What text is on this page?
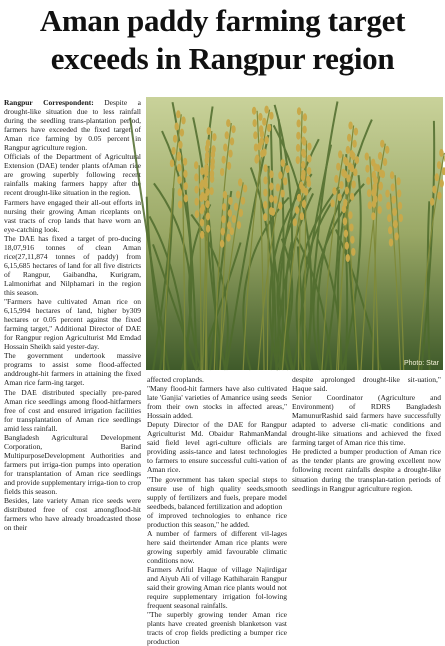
Aman paddy farming target exceeds in Rangpur region

Rangpur Correspondent: Despite a drought-like situation due to less rainfall during the seedling trans-plantation period, farmers have exceeded the fixed target of Aman rice farming by 0.05 percent in Rangpur agriculture region.

Officials of the Department of Agricultural Extension (DAE) tender plants ofAman rice are growing superbly following recent rainfalls making farmers happy after the recent drought-like situation in the region.

Farmers have engaged their all-out efforts in nursing their growing Aman riceplants on vast tracts of crop lands that have worn an eye-catching look.

The DAE has fixed a target of pro-ducing 18,07,916 tonnes of clean Aman rice(27,11,874 tonnes of paddy) from 6,15,685 hectares of land for all five districts of Rangpur, Gaibandha, Kurigram, Lalmonirhat and Nilphamari in the region this season.

"Farmers have cultivated Aman rice on 6,15,994 hectares of land, higher by309 hectares or 0.05 percent against the fixed farming target," Additional Director of DAE for Rangpur region Agriculturist Md Emdad Hossain Sheikh said yester-day.

The government undertook massive programs to assist some flood-affected anddrought-hit farmers in attaining the fixed Aman rice farm-ing target.

The DAE distributed specially pre-pared Aman rice seedlings among flood-hitfarmers free of cost and ensured irrigation facilities for transplantation of Aman rice seedlings amid less rainfall.

Bangladesh Agricultural Development Corporation, Barind MultipurposeDevelopment Authorities and farmers put irriga-tion pumps into operation for transplantation of Aman rice seedlings and provide supplementary irriga-tion to crop fields this season.

Besides, late variety Aman rice seeds were distributed free of cost amongflood-hit farmers who have already broadcasted those on their

Photo: Star

affected croplands.

"Many flood-hit farmers have also cultivated late 'Ganjia' varieties of Amanrice using seeds from their own stocks in affected areas," Hossain added.

Deputy Director of the DAE for Rangpur Agriculturist Md. Obaidur RahmanMandal said field level agri-culture officials are providing assis-tance and latest technologies to farmers to ensure successful culti-vation of Aman rice.

"The government has taken special steps to ensure use of high quality seeds,smooth supply of fertilizers and fuels, prepare model seedbeds, balanced fertilization and adoption

of improved technologies to enhance rice production this season," he added.

A number of farmers of different vil-lages here said theirtender Aman rice plants were growing superbly amid favourable climatic conditions now.

Farmers Ariful Haque of village Najirdigar and Aiyub Ali of village Kathiharain Rangpur said their growing Aman rice plants would not require supplementary irrigation fol-lowing frequent seasonal rainfalls.

"The superbly growing tender Aman rice plants have created greenish blanketson vast tracts of crop fields predicting a bumper rice production

despite aprolonged drought-like sit-uation," Haque said.

Senior Coordinator (Agriculture and Environment) of RDRS Bangladesh MamunurRashid said farmers have successfully adapted to adverse cli-matic conditions and drought-like situations and achieved the fixed farming target of Aman rice this time.

He predicted a bumper production of Aman rice as the tender plants are growing excellent now following recent rainfalls despite a drought-like situation during the transplan-tation periods of seedlings in Rangpur agriculture region.
